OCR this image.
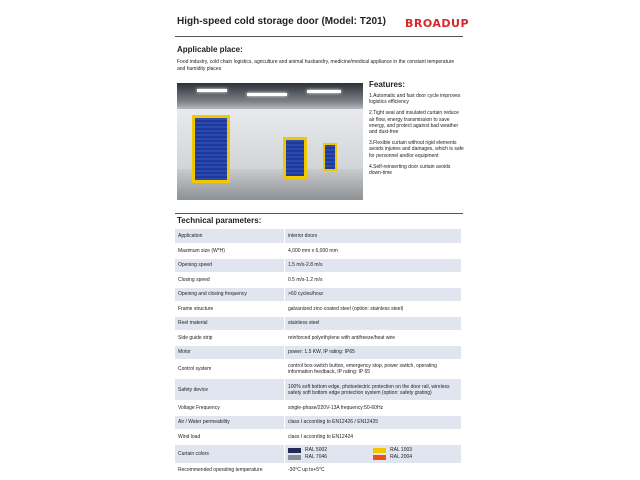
High-speed cold storage door (Model: T201) BROADUP
Applicable place:
Food industry, cold chain logistics, agriculture and animal husbandry, medicine/medical appliance in the constant temperature and humidity places
Features:

1.Automatic and fast door cycle improves logistics efficiency

2.Tight seal and insulated curtain reduce air flow, energy transmission to save energy, and protect against bad weather and dust-free

3.Flexible curtain without rigid elements avoids injuries and damages, which is safe for personnel and/or equipment

4.Self-reinserting door curtain avoids down-time

Technical parameters:
Application	interior doors
Maximum size (W*H)	4,000 mm x 6,000 mm
Opening speed	1.5 m/s-2.8 m/s
Closing speed	0.5 m/s-1.2 m/s
Opening and closing frequency	>60 cycles/hour
Frame structure	galvanized zinc-coated steel (option: stainless steel)
Reel material	stainless steel
Side guide strip	reinforced polyethylene with antifreeze/heat wire
Motor	power: 1.5 KW, IP rating: IP65
Control system	control box-switch button, emergency stop, power switch, operating information feedback, IP rating: IP 65
Safety device	100% soft bottom edge, photoelectric protection on the door rail, wireless safety soft bottom edge protection system (option: safety grating)
Voltage Frequency	single-phase/220V-13A frequency:50-60Hz
Air / Water permeability	class I according to EN12426 / EN12425
Wind load	class I according to EN12424
Curtain colors	RAL 5002 RAL 1003
RAL 7046 RAL 2004

Recommended operating temperature	-30°C up to+5°C
